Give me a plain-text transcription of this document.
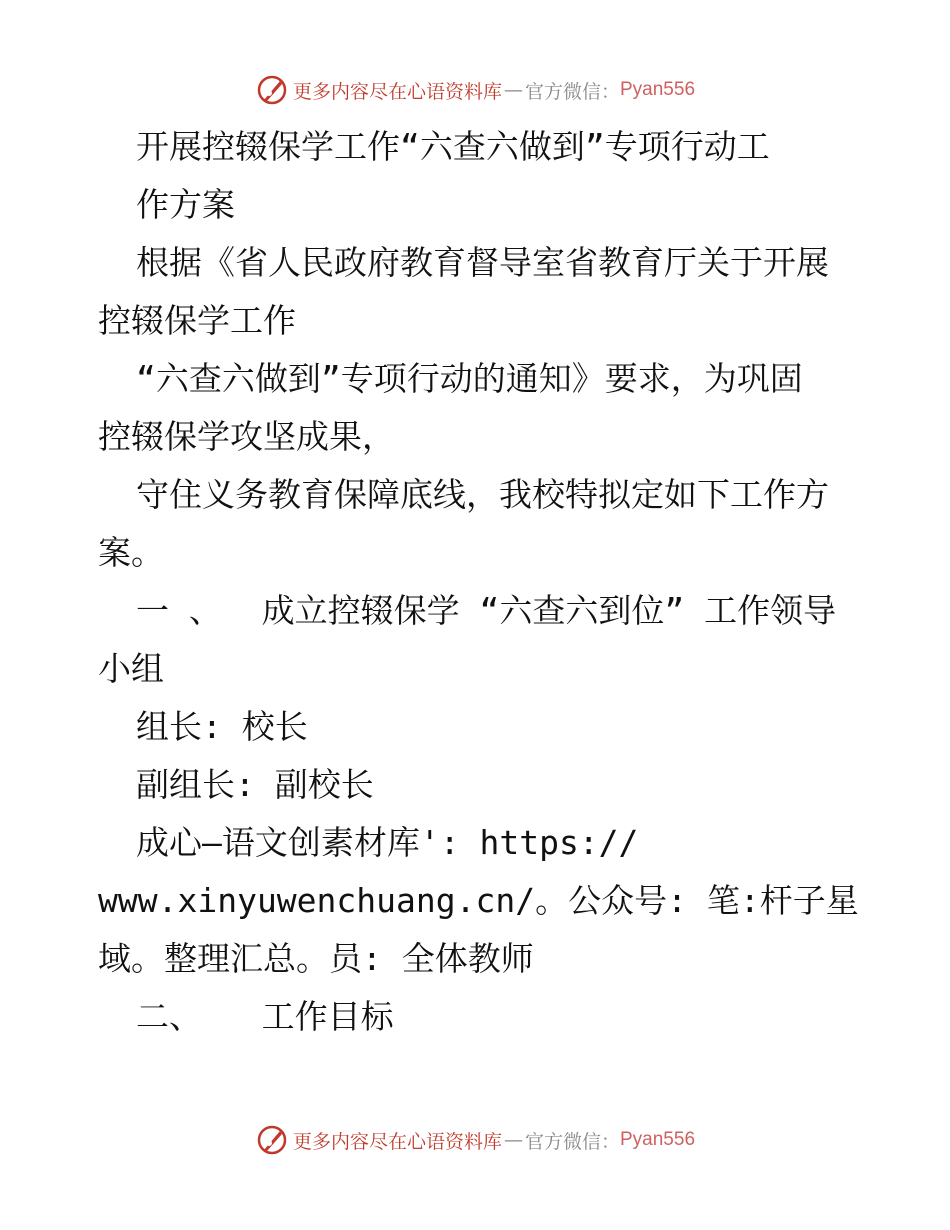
更多内容尽在心语资料库 — 官方微信： Pyan556
开展控辍保学工作“六查六做到”专项行动工
作方案
根据《省人民政府教育督导室省教育厅关于开展
控辍保学工作
“六查六做到”专项行动的通知》要求，为巩固
控辍保学攻坚成果，
守住义务教育保障底线，我校特拟定如下工作方
案。
一 、  成立控辍保学 “六查六到位” 工作领导
小组
组长: 校长
副组长: 副校长
成心—语文创素材库': https://
www.xinyuwenchuang.cn/。公众号: 笔:杆子星
域。整理汇总。员: 全体教师
二、   工作目标
更多内容尽在心语资料库 — 官方微信： Pyan556
